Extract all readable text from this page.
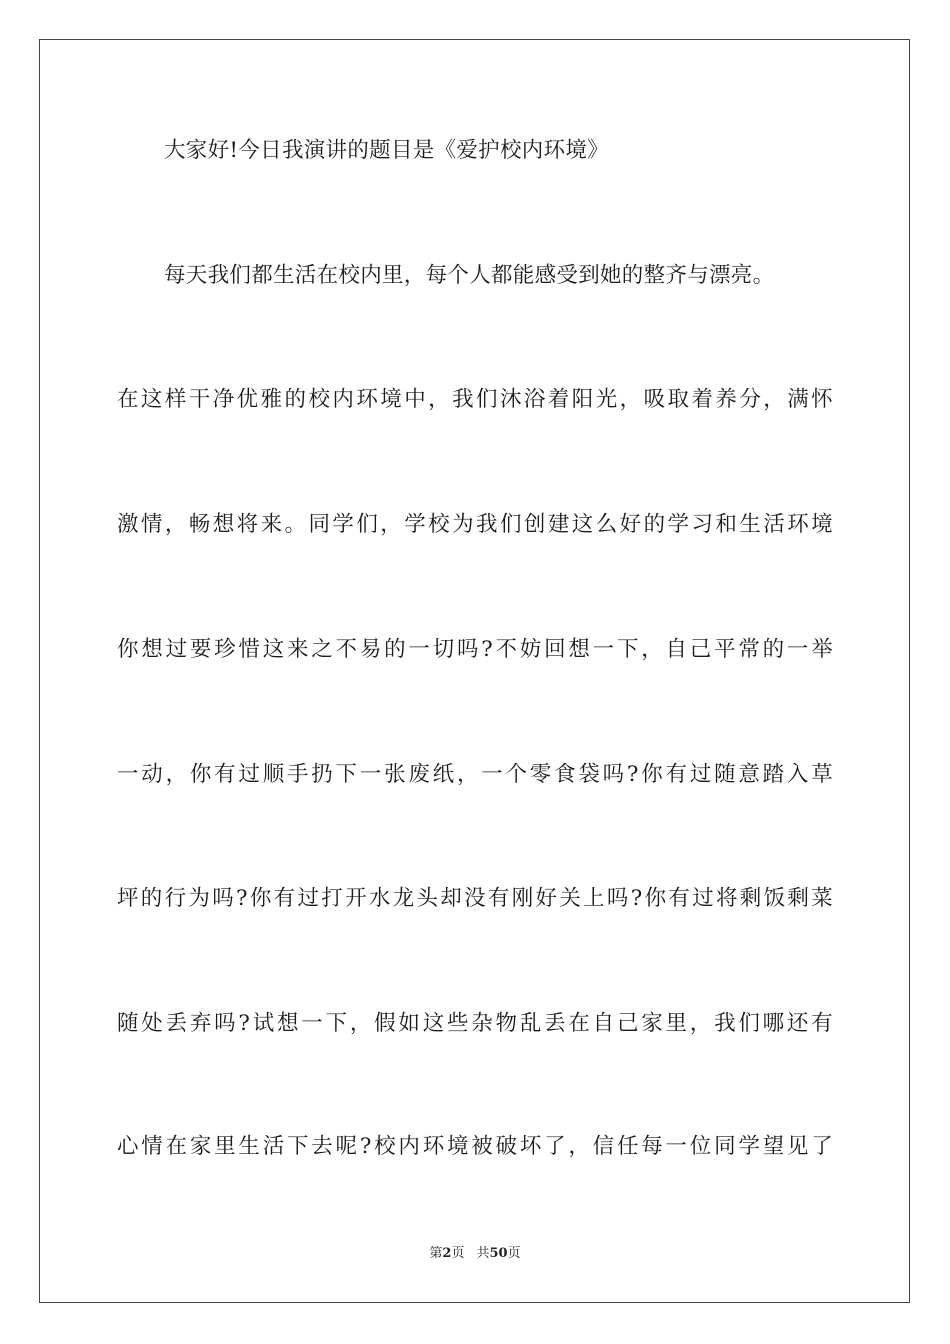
大家好!今日我演讲的题目是《爱护校内环境》
每天我们都生活在校内里，每个人都能感受到她的整齐与漂亮。
在这样干净优雅的校内环境中，我们沐浴着阳光，吸取着养分，满怀
激情，畅想将来。同学们，学校为我们创建这么好的学习和生活环境
你想过要珍惜这来之不易的一切吗?不妨回想一下，自己平常的一举
一动，你有过顺手扔下一张废纸，一个零食袋吗?你有过随意踏入草
坪的行为吗?你有过打开水龙头却没有刚好关上吗?你有过将剩饭剩菜
随处丢弃吗?试想一下，假如这些杂物乱丢在自己家里，我们哪还有
心情在家里生活下去呢?校内环境被破坏了，信任每一位同学望见了
第2页 共50页
